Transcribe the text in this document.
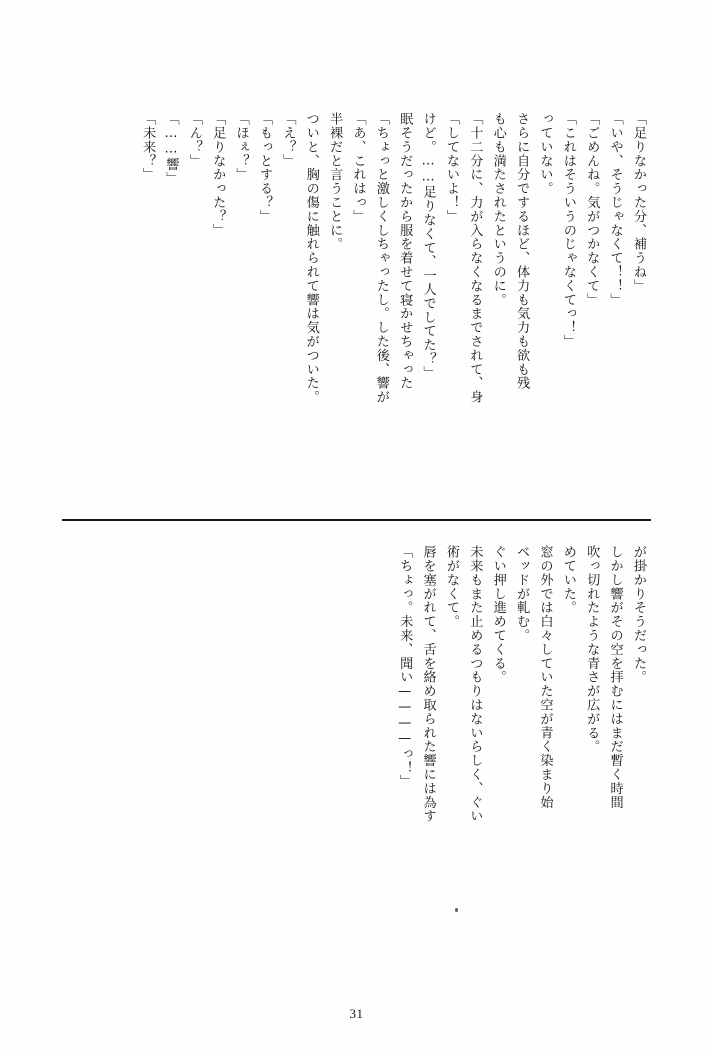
「未来？」 「……響」 「ん？」 「足りなかった？」 「ほぇ？」 「もっとする？」 「え？」 ついと、胸の傷に触れられて響は気がついた。 半裸だと言うことに。 「あ、これはっ」 「ちょっと激しくしちゃったし。した後、響が 眠そうだったから服を着せて寝かせちゃった けど。……足りなくて、一人でしてた？」 「してないよ！」 「十二分に、力が入らなくなるまでされて、身 も心も満たされたというのに。 さらに自分でするほど、体力も気力も欲も残 っていない。 「これはそういうのじゃなくてっ！」 「ごめんね。気がつかなくて」 「いや、そうじゃなくて！！」 「足りなかった分、補うね」
「ちょっ。未来、聞い————っ！」 唇を塞がれて、舌を絡め取られた響には為す 術がなくて。 未来もまた止めるつもりはないらしく、ぐい ぐい押し進めてくる。 ベッドが軋む。 窓の外では白々していた空が青く染まり始 めていた。 吹っ切れたような青さが広がる。 しかし響がその空を拝むにはまだ暫く時間 が掛かりそうだった。
31
